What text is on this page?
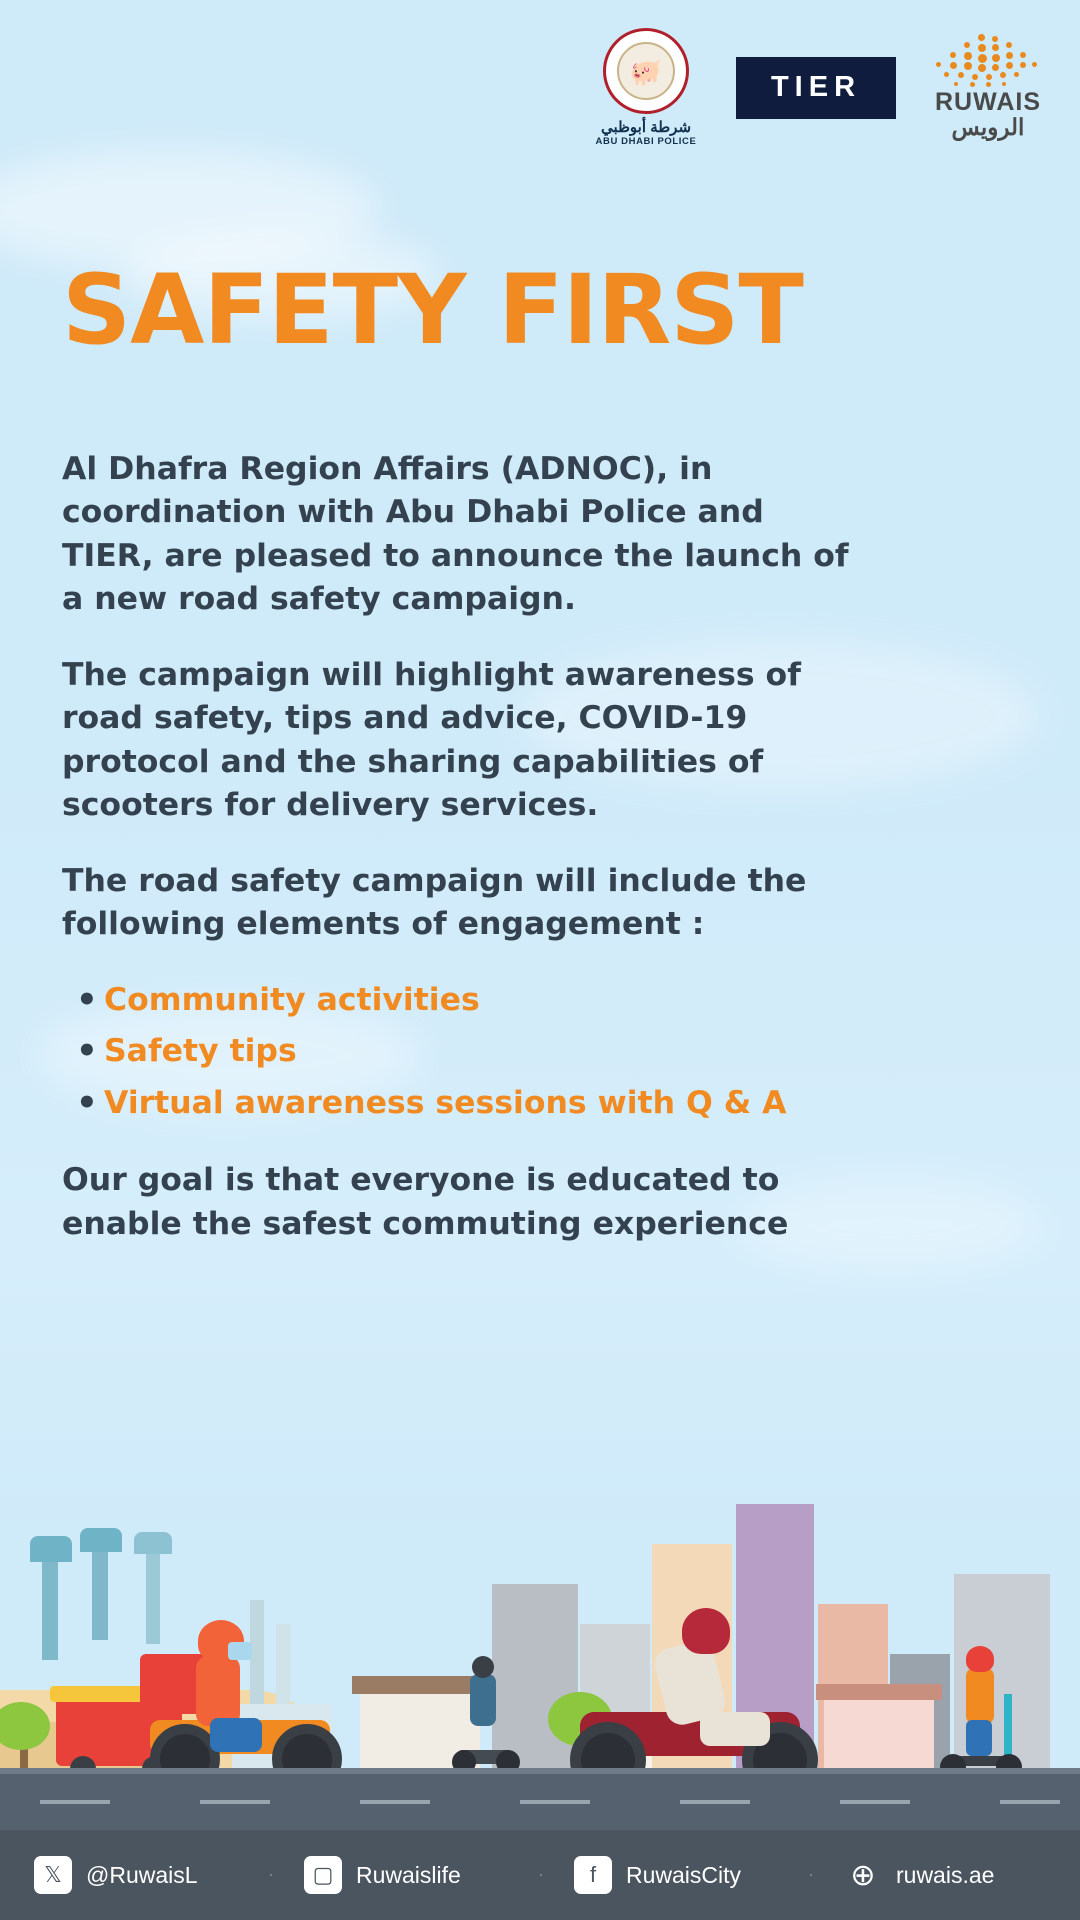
🐖
شرطة أبوظبي
ABU DHABI POLICE
TIER	RUWAIS
الرويس
SAFETY FIRST

Al Dhafra Region Affairs (ADNOC), in coordination with Abu Dhabi Police and TIER, are pleased to announce the launch of a new road safety campaign.

The campaign will highlight awareness of road safety, tips and advice, COVID-19 protocol and the sharing capabilities of scooters for delivery services.

The road safety campaign will include the following elements of engagement :

• Community activities
• Safety tips
• Virtual awareness sessions with Q & A

Our goal is that everyone is educated to enable the safest commuting experience

𝕏	@RuwaisL	▢ Ruwaislife	f	RuwaisCity	⊕ ruwais.ae
